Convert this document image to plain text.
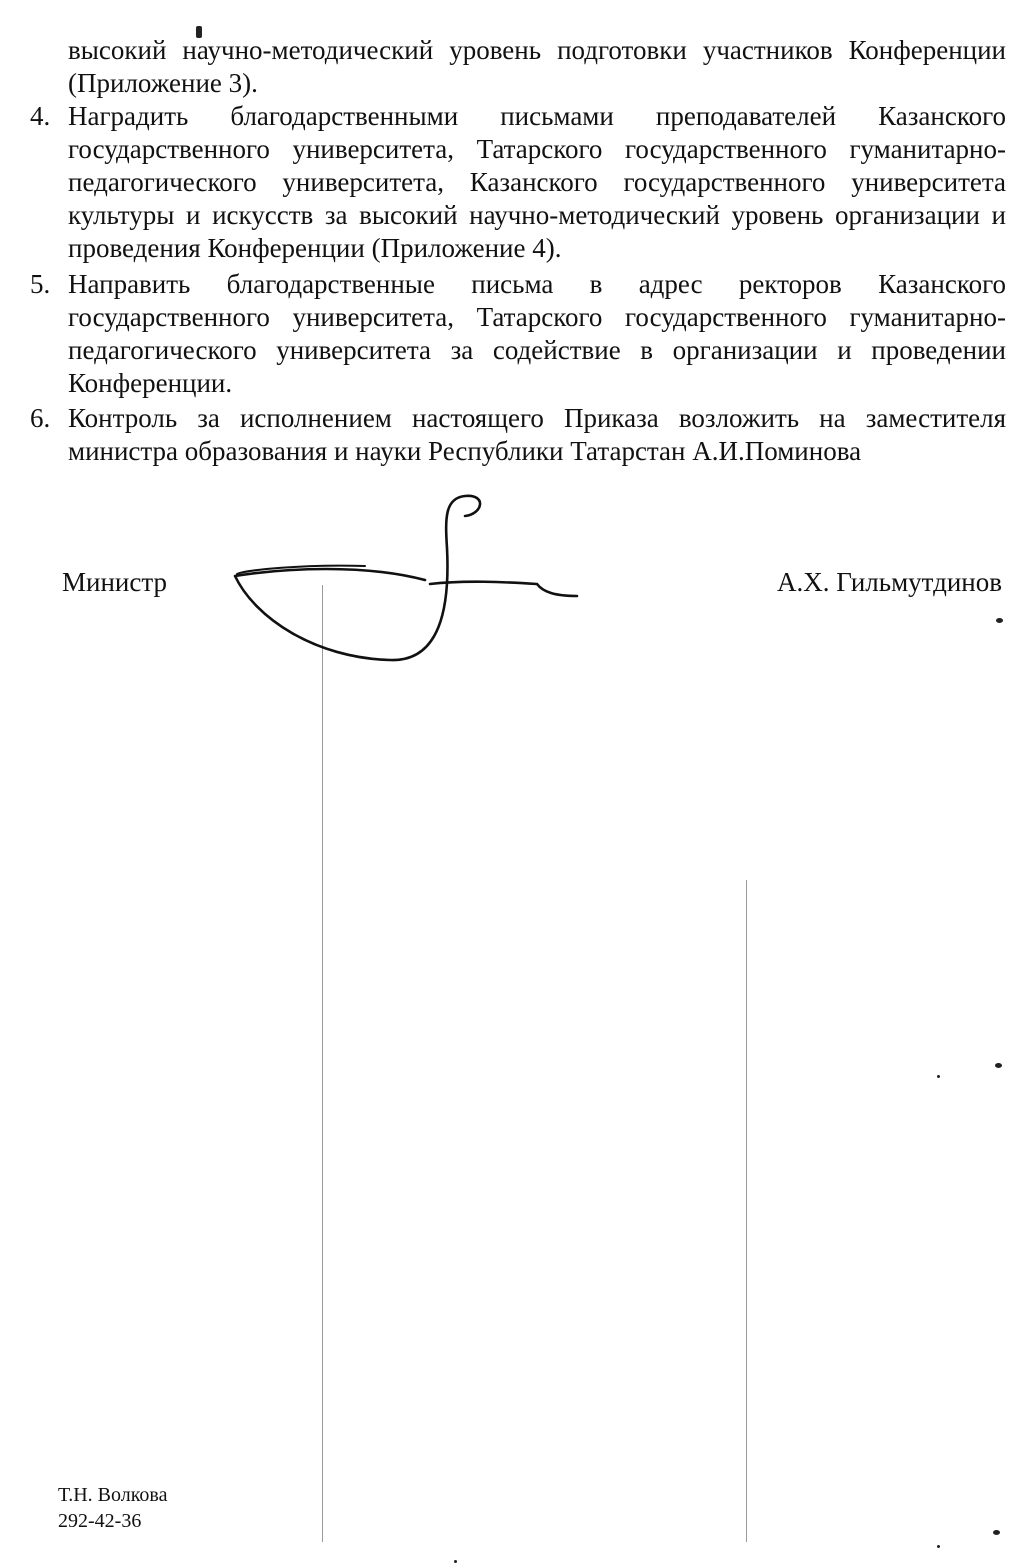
высокий научно-методический уровень подготовки участников Конференции (Приложение 3).

4. Наградить благодарственными письмами преподавателей Казанского государственного университета, Татарского государственного гуманитарно-педагогического университета, Казанского государственного университета культуры и искусств за высокий научно-методический уровень организации и проведения Конференции (Приложение 4).
5. Направить благодарственные письма в адрес ректоров Казанского государственного университета, Татарского государственного гуманитарно-педагогического университета за содействие в организации и проведении Конференции.
6. Контроль за исполнением настоящего Приказа возложить на заместителя министра образования и науки Республики Татарстан А.И.Поминова

Министр	А.Х. Гильмутдинов

Т.Н. Волкова
292-42-36
